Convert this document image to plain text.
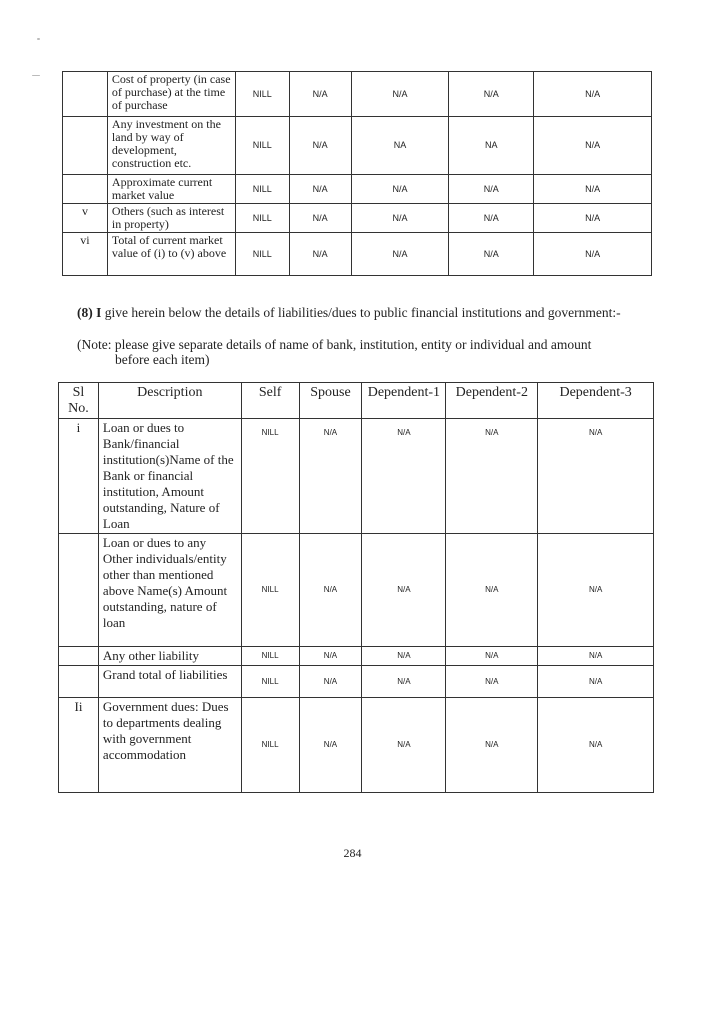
	Cost of property (in case of purchase) at the time of purchase	NILL	N/A	N/A	N/A	N/A
	Any investment on the land by way of development, construction etc.	NILL	N/A	NA	NA	N/A
	Approximate current market value	NILL	N/A	N/A	N/A	N/A
v	Others (such as interest in property)	NILL	N/A	N/A	N/A	N/A
vi	Total of current market value of (i) to (v) above	NILL	N/A	N/A	N/A	N/A
(8) I give herein below the details of liabilities/dues to public financial institutions and government:-
(Note: please give separate details of name of bank, institution, entity or individual and amount
before each item)
Sl No.	Description	Self	Spouse	Dependent-1	Dependent-2	Dependent-3
i	Loan or dues to Bank/financial institution(s)Name of the Bank or financial institution, Amount outstanding, Nature of Loan	NILL	N/A	N/A	N/A	N/A
	Loan or dues to any Other individuals/entity other than mentioned above Name(s) Amount outstanding, nature of loan	NILL	N/A	N/A	N/A	N/A
	Any other liability	NILL	N/A	N/A	N/A	N/A
	Grand total of liabilities	NILL	N/A	N/A	N/A	N/A
Ii	Government dues: Dues to departments dealing with government accommodation	NILL	N/A	N/A	N/A	N/A
284
